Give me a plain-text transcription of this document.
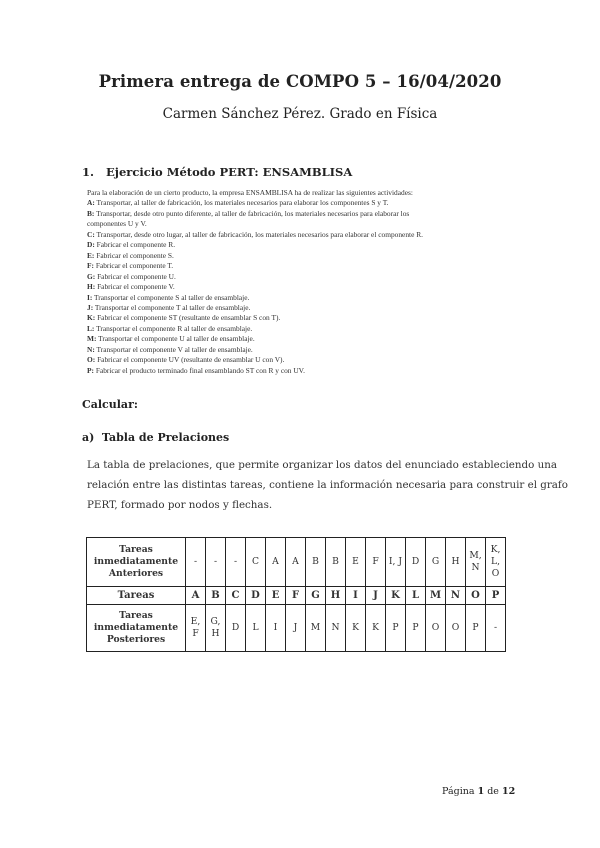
Primera entrega de COMPO 5 – 16/04/2020
Carmen Sánchez Pérez. Grado en Física
1. Ejercicio Método PERT: ENSAMBLISA
Para la elaboración de un cierto producto, la empresa ENSAMBLISA ha de realizar las siguientes actividades:
A: Transportar, al taller de fabricación, los materiales necesarios para elaborar los componentes S y T.
B: Transportar, desde otro punto diferente, al taller de fabricación, los materiales necesarios para elaborar los
componentes U y V.
C: Transportar, desde otro lugar, al taller de fabricación, los materiales necesarios para elaborar el componente R.
D: Fabricar el componente R.
E: Fabricar el componente S.
F: Fabricar el componente T.
G: Fabricar el componente U.
H: Fabricar el componente V.
I: Transportar el componente S al taller de ensamblaje.
J: Transportar el componente T al taller de ensamblaje.
K: Fabricar el componente ST (resultante de ensamblar S con T).
L: Transportar el componente R al taller de ensamblaje.
M: Transportar el componente U al taller de ensamblaje.
N: Transportar el componente V al taller de ensamblaje.
O: Fabricar el componente UV (resultante de ensamblar U con V).
P: Fabricar el producto terminado final ensamblando ST con R y con UV.
Calcular:
a) Tabla de Prelaciones
La tabla de prelaciones, que permite organizar los datos del enunciado estableciendo una
relación entre las distintas tareas, contiene la información necesaria para construir el grafo
PERT, formado por nodos y flechas.
Tareas inmediatamente Anteriores	-	-	-	C	A	A	B	B	E	F	I, J	D	G	H	M, N	K, L, O
Tareas	A	B	C	D	E	F	G	H	I	J	K	L	M	N	O	P
Tareas inmediatamente Posteriores	E, F	G, H	D	L	I	J	M	N	K	K	P	P	O	O	P	-
Página 1 de 12
